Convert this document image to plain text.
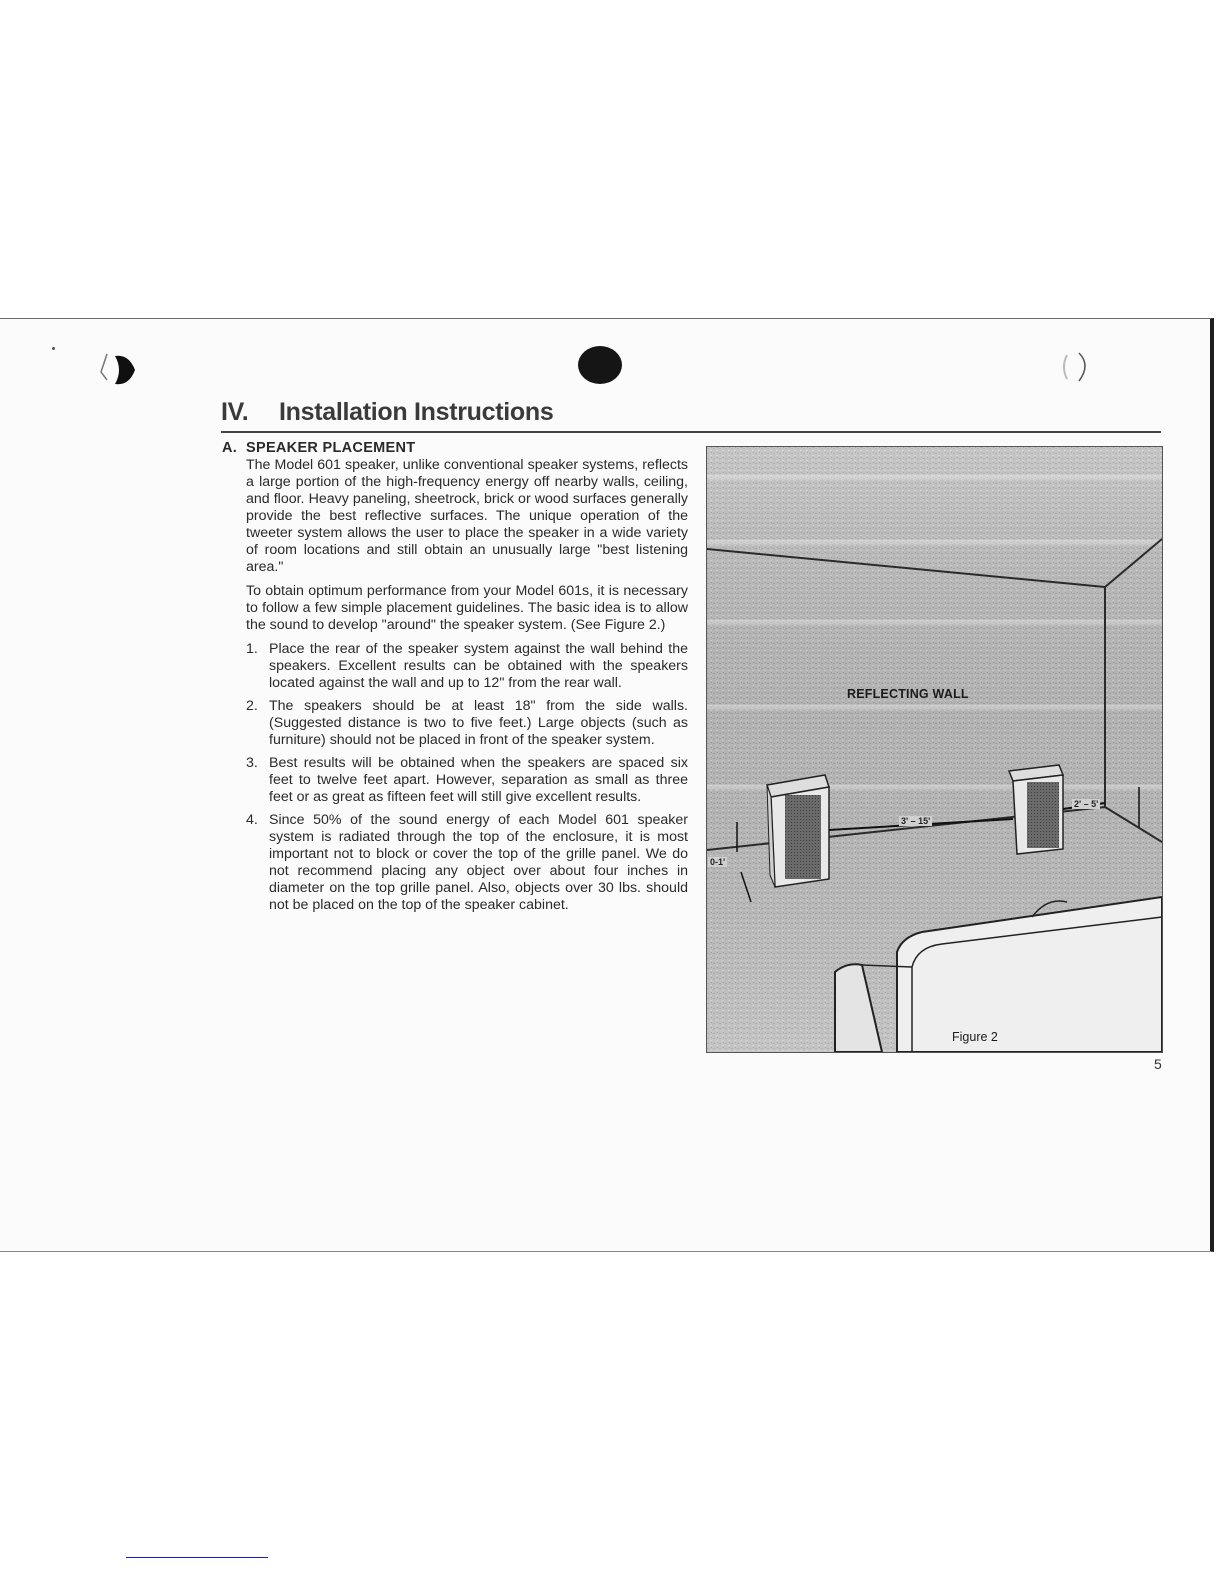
IV. Installation Instructions

A. SPEAKER PLACEMENT

The Model 601 speaker, unlike conventional speaker systems, reflects a large portion of the high-frequency energy off nearby walls, ceiling, and floor. Heavy paneling, sheetrock, brick or wood surfaces generally provide the best reflective surfaces. The unique operation of the tweeter system allows the user to place the speaker in a wide variety of room locations and still obtain an unusually large "best listening area."

To obtain optimum performance from your Model 601s, it is necessary to follow a few simple placement guidelines. The basic idea is to allow the sound to develop "around" the speaker system. (See Figure 2.)

1. Place the rear of the speaker system against the wall behind the speakers. Excellent results can be obtained with the speakers located against the wall and up to 12" from the rear wall.
2. The speakers should be at least 18" from the side walls. (Suggested distance is two to five feet.) Large objects (such as furniture) should not be placed in front of the speaker system.
3. Best results will be obtained when the speakers are spaced six feet to twelve feet apart. However, separation as small as three feet or as great as fifteen feet will still give excellent results.
4. Since 50% of the sound energy of each Model 601 speaker system is radiated through the top of the enclosure, it is most important not to block or cover the top of the grille panel. We do not recommend placing any object over about four inches in diameter on the top grille panel. Also, objects over 30 lbs. should not be placed on the top of the speaker cabinet.
REFLECTING WALL
3' – 15'
2' – 5'
0-1'
Figure 2
5
